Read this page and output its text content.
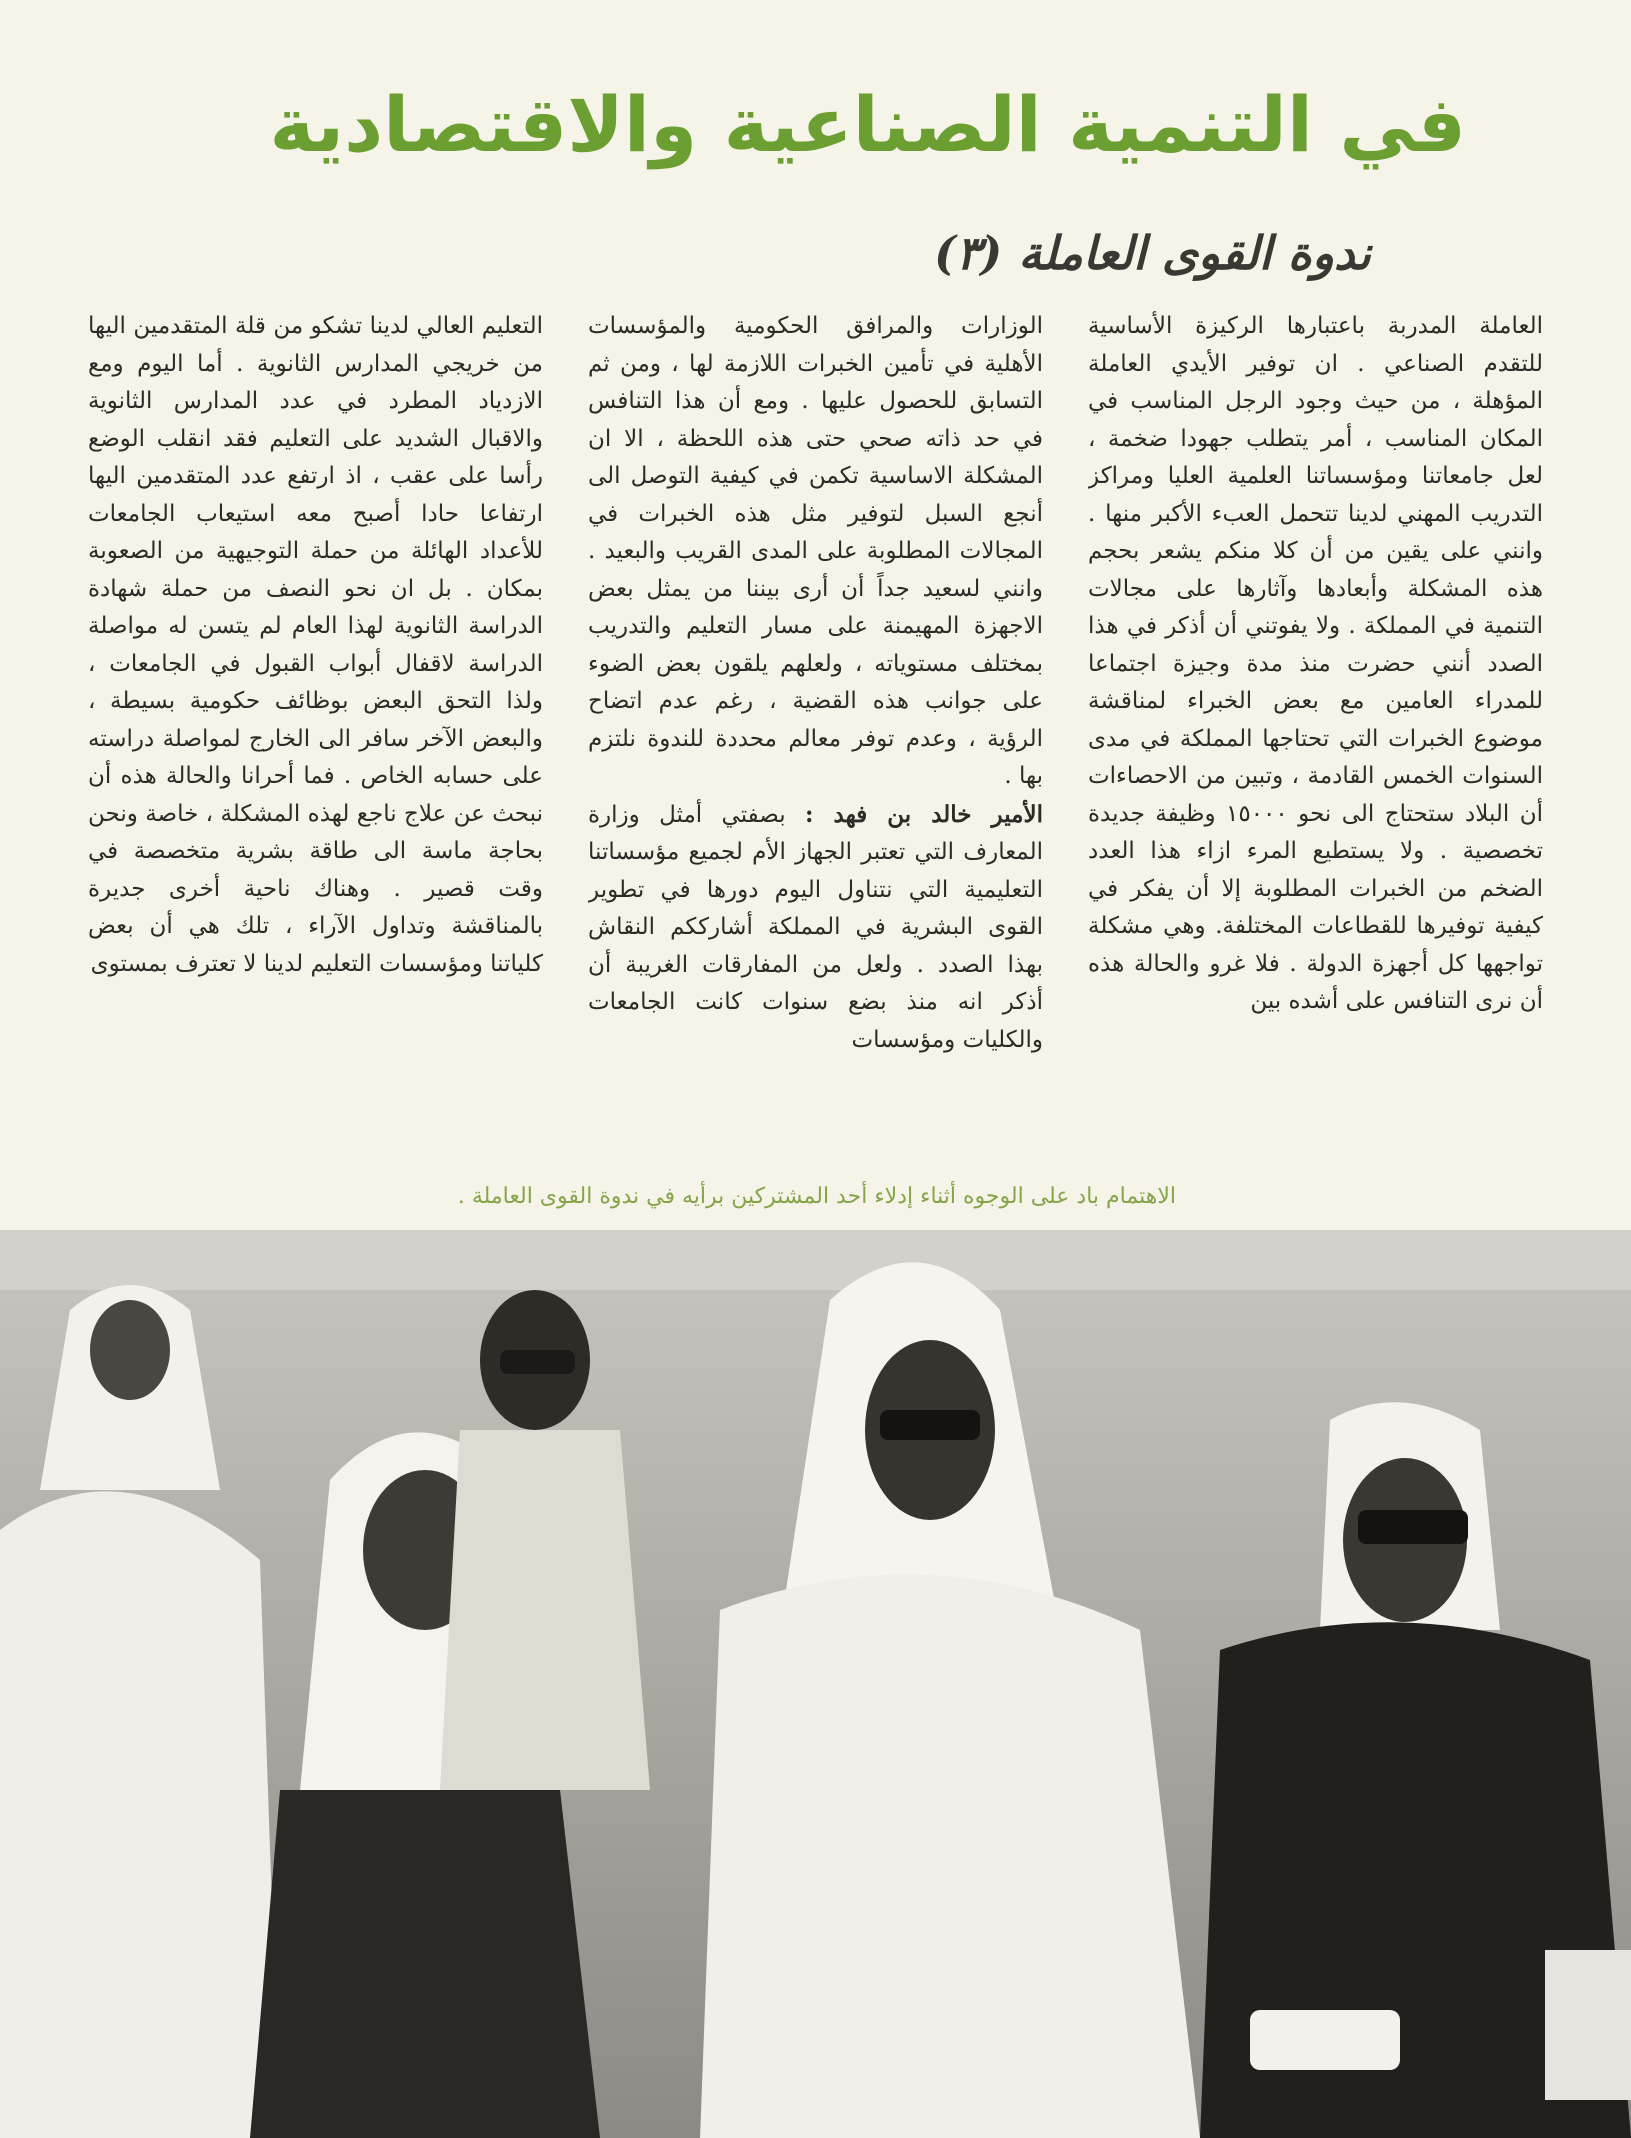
في التنمية الصناعية والاقتصادية
ندوة القوى العاملة (٣)

العاملة المدربة باعتبارها الركيزة الأساسية للتقدم الصناعي . ان توفير الأيدي العاملة المؤهلة ، من حيث وجود الرجل المناسب في المكان المناسب ، أمر يتطلب جهودا ضخمة ، لعل جامعاتنا ومؤسساتنا العلمية العليا ومراكز التدريب المهني لدينا تتحمل العبء الأكبر منها . وانني على يقين من أن كلا منكم يشعر بحجم هذه المشكلة وأبعادها وآثارها على مجالات التنمية في المملكة . ولا يفوتني أن أذكر في هذا الصدد أنني حضرت منذ مدة وجيزة اجتماعا للمدراء العامين مع بعض الخبراء لمناقشة موضوع الخبرات التي تحتاجها المملكة في مدى السنوات الخمس القادمة ، وتبين من الاحصاءات أن البلاد ستحتاج الى نحو ١٥٠٠٠ وظيفة جديدة تخصصية . ولا يستطيع المرء ازاء هذا العدد الضخم من الخبرات المطلوبة إلا أن يفكر في كيفية توفيرها للقطاعات المختلفة. وهي مشكلة تواجهها كل أجهزة الدولة . فلا غرو والحالة هذه أن نرى التنافس على أشده بين

الوزارات والمرافق الحكومية والمؤسسات الأهلية في تأمين الخبرات اللازمة لها ، ومن ثم التسابق للحصول عليها . ومع أن هذا التنافس في حد ذاته صحي حتى هذه اللحظة ، الا ان المشكلة الاساسية تكمن في كيفية التوصل الى أنجع السبل لتوفير مثل هذه الخبرات في المجالات المطلوبة على المدى القريب والبعيد . وانني لسعيد جداً أن أرى بيننا من يمثل بعض الاجهزة المهيمنة على مسار التعليم والتدريب بمختلف مستوياته ، ولعلهم يلقون بعض الضوء على جوانب هذه القضية ، رغم عدم اتضاح الرؤية ، وعدم توفر معالم محددة للندوة نلتزم بها .

الأمير خالد بن فهد : بصفتي أمثل وزارة المعارف التي تعتبر الجهاز الأم لجميع مؤسساتنا التعليمية التي نتناول اليوم دورها في تطوير القوى البشرية في المملكة أشارككم النقاش بهذا الصدد . ولعل من المفارقات الغريبة أن أذكر انه منذ بضع سنوات كانت الجامعات والكليات ومؤسسات

التعليم العالي لدينا تشكو من قلة المتقدمين اليها من خريجي المدارس الثانوية . أما اليوم ومع الازدياد المطرد في عدد المدارس الثانوية والاقبال الشديد على التعليم فقد انقلب الوضع رأسا على عقب ، اذ ارتفع عدد المتقدمين اليها ارتفاعا حادا أصبح معه استيعاب الجامعات للأعداد الهائلة من حملة التوجيهية من الصعوبة بمكان . بل ان نحو النصف من حملة شهادة الدراسة الثانوية لهذا العام لم يتسن له مواصلة الدراسة لاقفال أبواب القبول في الجامعات ، ولذا التحق البعض بوظائف حكومية بسيطة ، والبعض الآخر سافر الى الخارج لمواصلة دراسته على حسابه الخاص . فما أحرانا والحالة هذه أن نبحث عن علاج ناجع لهذه المشكلة ، خاصة ونحن بحاجة ماسة الى طاقة بشرية متخصصة في وقت قصير . وهناك ناحية أخرى جديرة بالمناقشة وتداول الآراء ، تلك هي أن بعض كلياتنا ومؤسسات التعليم لدينا لا تعترف بمستوى

الاهتمام باد على الوجوه أثناء إدلاء أحد المشتركين برأيه في ندوة القوى العاملة .
